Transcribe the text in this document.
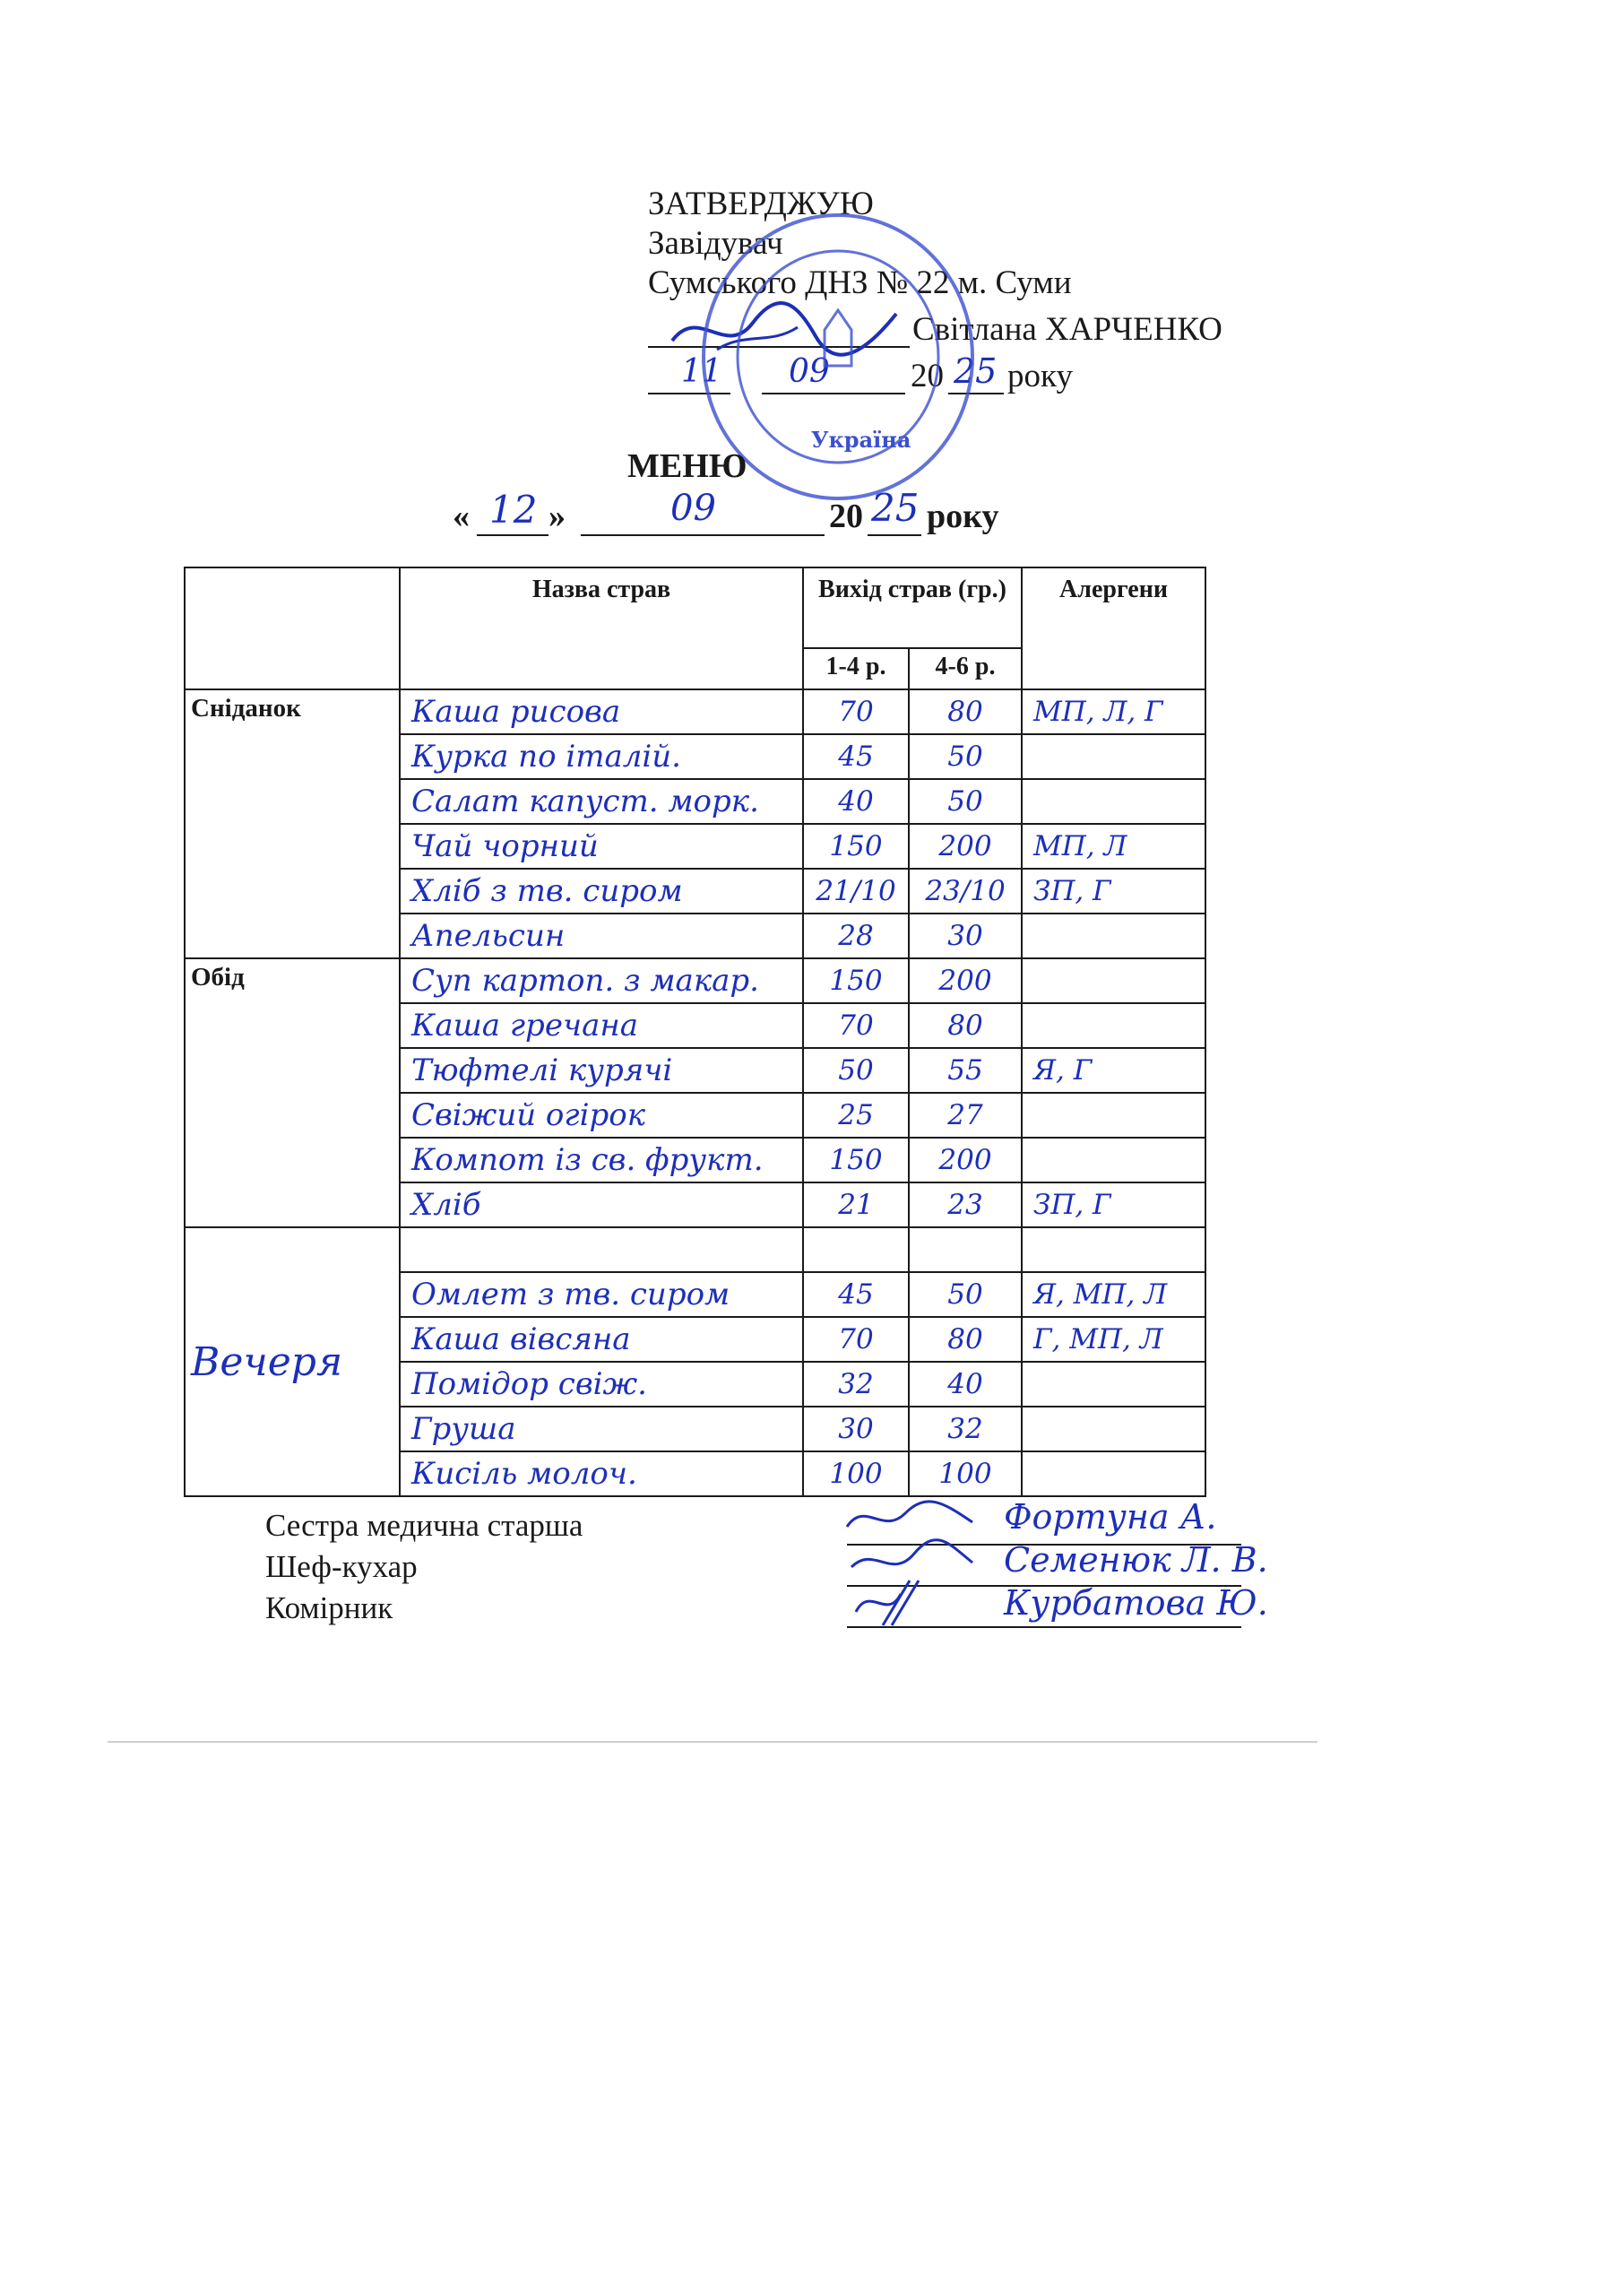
ЗАТВЕРДЖУЮ
Завідувач
Сумського ДНЗ № 22 м. Суми
Світлана ХАРЧЕНКО
11 09 20 25 року
Україна
МЕНЮ
« 12 »	09	20 25 року
	Назва страв	Вихід страв (гр.)		Алергени
		1-4 р.	4-6 р.	
Сніданок	Каша рисова	70	80	МП, Л, Г
	Курка по італій.	45	50	
	Салат капуст. морк.	40	50	
	Чай чорний	150	200	МП, Л
	Хліб з тв. сиром	21/10	23/10	ЗП, Г
	Апельсин	28	30	
Обід	Суп картоп. з макар.	150	200	
	Каша гречана	70	80	
	Тюфтелі курячі	50	55	Я, Г
	Свіжий огірок	25	27	
	Компот із св. фрукт.	150	200	
	Хліб	21	23	ЗП, Г
Вечеря				
	Омлет з тв. сиром	45	50	Я, МП, Л
	Каша вівсяна	70	80	Г, МП, Л
	Помідор свіж.	32	40	
	Груша	30	32	
	Кисіль молоч.	100	100	
Сестра медична старша
Шеф-кухар
Комірник
Фортуна А.
Семенюк Л. В.
Курбатова Ю.
